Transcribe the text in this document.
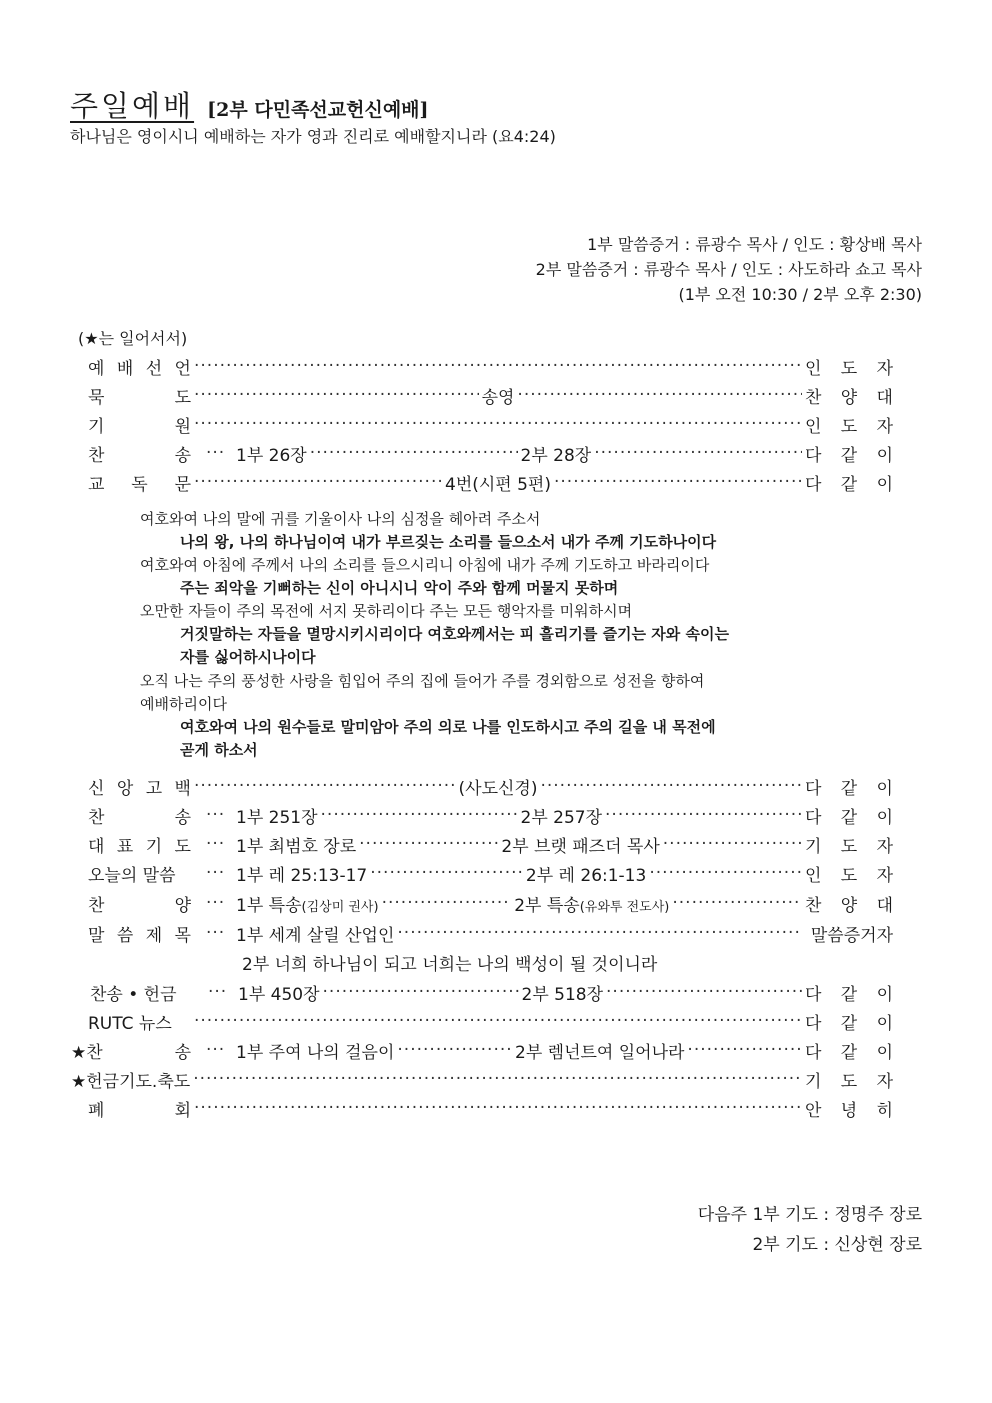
주일예배 [2부 다민족선교헌신예배]
하나님은 영이시니 예배하는 자가 영과 진리로 예배할지니라 (요4:24)
1부 말씀증거 : 류광수 목사 / 인도 : 황상배 목사
2부 말씀증거 : 류광수 목사 / 인도 : 사도하라 쇼고 목사
(1부 오전 10:30 / 2부 오후 2:30)
(★는 일어서서)
예 배 선 언 ·····	인 도 자
묵	도 ·····	송영 ·····	찬 양 대
기	원 ·····	인 도 자
찬	송 ····	1부 26장 ·····	2부 28장 ·····	다 같 이
교 독 문 ·····	4번(시편 5편) ·····	다 같 이
신 앙 고 백 ·····	(사도신경) ·····	다 같 이
찬	송 ····	1부 251장 ·····	2부 257장 ·····	다 같 이
대 표 기 도 ····	1부 최범호 장로 ·····	2부 브랫 패즈더 목사 ·····	기 도 자
오늘의 말씀 ····	1부 레 25:13-17 ·····	2부 레 26:1-13 ·····	인 도 자
찬	양 ····	1부 특송(김상미 권사) ·····	2부 특송(유와투 전도사) ·····	찬 양 대
말 씀 제 목 ····	1부 세계 살릴 산업인 ·····	말씀증거자
2부 너희 하나님이 되고 너희는 나의 백성이 될 것이니라
찬송 • 헌금 ····	1부 450장 ·····	2부 518장 ·····	다 같 이
RUTC 뉴스 ·····	다 같 이
★찬	송 ····	1부 주여 나의 걸음이 ·····	2부 렘넌트여 일어나라 ·····	다 같 이
★헌금기도.축도 ·····	기 도 자
폐	회 ·····	안 녕 히
여호와여 나의 말에 귀를 기울이사 나의 심정을 헤아려 주소서
나의 왕, 나의 하나님이여 내가 부르짖는 소리를 들으소서 내가 주께 기도하나이다
여호와여 아침에 주께서 나의 소리를 들으시리니 아침에 내가 주께 기도하고 바라리이다
주는 죄악을 기뻐하는 신이 아니시니 악이 주와 함께 머물지 못하며
오만한 자들이 주의 목전에 서지 못하리이다 주는 모든 행악자를 미워하시며
거짓말하는 자들을 멸망시키시리이다 여호와께서는 피 흘리기를 즐기는 자와 속이는
자를 싫어하시나이다
오직 나는 주의 풍성한 사랑을 힘입어 주의 집에 들어가 주를 경외함으로 성전을 향하여
예배하리이다
여호와여 나의 원수들로 말미암아 주의 의로 나를 인도하시고 주의 길을 내 목전에
곧게 하소서
다음주 1부 기도 : 정명주 장로
2부 기도 : 신상현 장로
